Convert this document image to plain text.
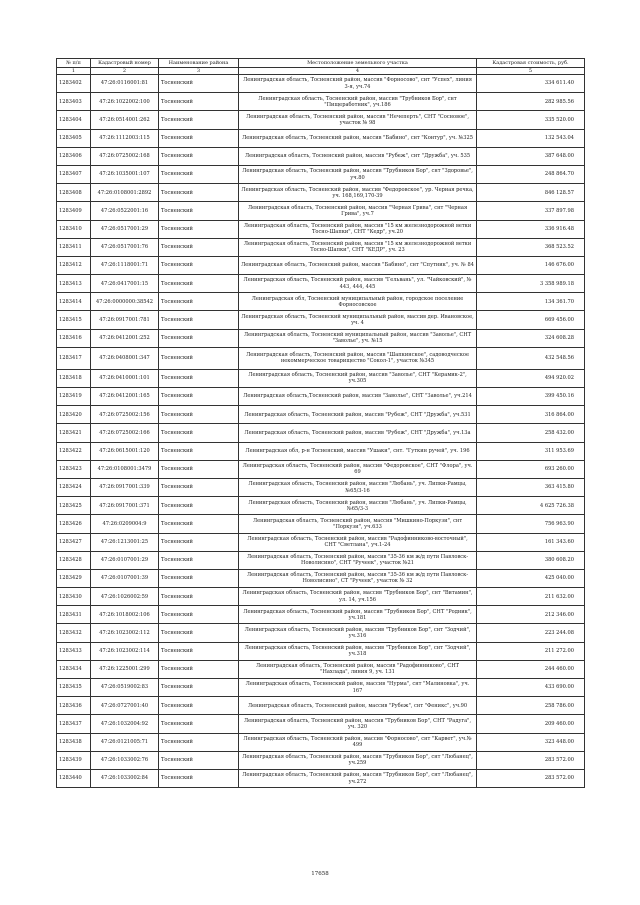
№ п/п	Кадастровый номер	Наименование района	Местоположение земельного участка	Кадастровая стоимость, руб.
1	2	3	4	5
1283402	47:26:0116001:81	Тосненский	Ленинградская область, Тосненский район, массив "Форносово", снт "Успех", линия 3-я, уч.74	334 611.40
1283403	47:26:1022002:100	Тосненский	Ленинградская область, Тосненский район, массив "Трубников Бор", снт "Пищеработник", уч.186	282 985.56
1283404	47:26:0514001:262	Тосненский	Ленинградская область, Тосненский район, массив "Нечеперть", СНТ "Сосновое", участок № 98	335 520.00
1283405	47:26:1112003:115	Тосненский	Ленинградская область, Тосненский район, массив "Бабино", снт "Контур", уч. №325	132 543.04
1283406	47:26:0725002:168	Тосненский	Ленинградская область, Тосненский район, массив "Рубеж", снт "Дружба", уч. 535	387 648.00
1283407	47:26:1035001:107	Тосненский	Ленинградская область, Тосненский район, массив "Трубников Бор", снт "Здоровье", уч.80	248 864.70
1283408	47:26:0108001:2892	Тосненский	Ленинградская область, Тосненский район, массив "Федоровское", ур. Черная речка, уч. 168,169,170-39	846 128.57
1283409	47:26:0522001:16	Тосненский	Ленинградская область, Тосненский район, массив "Черная Грива", снт "Черная Грива", уч.7	337 897.98
1283410	47:26:0517001:29	Тосненский	Ленинградская область, Тосненский район, массив "15 км железнодорожной ветки Тосно-Шапки", СНТ "Кедр", уч.20	336 916.48
1283411	47:26:0517001:76	Тосненский	Ленинградская область, Тосненский район, массив "15 км железнодорожной ветки Тосно-Шапки", СНТ "КЕДР", уч. 23	368 523.52
1283412	47:26:1118001:71	Тосненский	Ленинградская область, Тосненский район, массив "Бабино", снт "Спутник", уч. № 84	146 676.00
1283413	47:26:0417001:15	Тосненский	Ленинградская область, Тосненский район, массив "Гельвань", ул. "Чайковский", № 443, 444, 445	3 358 989.18
1283414	47:26:0000000:38542	Тосненский	Ленинградская обл, Тосненский муниципальный район, городское поселение Форносовское	134 361.70
1283415	47:26:0917001:781	Тосненский	Ленинградская область, Тосненский муниципальный район, массив дер. Ивановское, уч. 4	669 456.00
1283416	47:26:0412001:252	Тосненский	Ленинградская область, Тосненский муниципальный район, массив "Заволье", СНТ "Заволье", уч. №15	324 608.28
1283417	47:26:0408001:347	Тосненский	Ленинградская область, Тосненский район, массив "Шапкинское", садоводческое некоммерческое товарищество "Сокол-1", участок №345	432 548.56
1283418	47:26:0410001:101	Тосненский	Ленинградская область, Тосненский район, массив "Заволье", СНТ "Керамик-2", уч.305	494 920.02
1283419	47:26:0412001:165	Тосненский	Ленинградская область,Тосненский район, массив "Заволье", СНТ "Заволье", уч.214	399 450.16
1283420	47:26:0725002:156	Тосненский	Ленинградская область, Тосненский район, массив "Рубеж", СНТ "Дружба", уч.531	316 864.00
1283421	47:26:0725002:166	Тосненский	Ленинградская область, Тосненский район, массив "Рубеж", СНТ "Дружба", уч.13а	258 432.00
1283422	47:26:0615001:120	Тосненский	Ленинградская обл, р-н Тосненский, массив "Ушаки", снт. "Гуткин ручей", уч. 196	311 953.69
1283423	47:26:0108001:3479	Тосненский	Ленинградская область, Тосненский район, массив "Федоровское", СНТ "Флора", уч. 69	693 260.00
1283424	47:26:0917001:339	Тосненский	Ленинградская область, Тосненский район, массив "Любань", уч. Липки-Рамцы, №65/3-16	363 415.80
1283425	47:26:0917001:371	Тосненский	Ленинградская область, Тосненский район, массив "Любань", уч. Липки-Рамцы, №65/3-3	4 625 726.38
1283426	47:26:0209004:9	Тосненский	Ленинградская область, Тосненский район, массив "Мишкино-Поркузи", снт "Поркузи", уч.633	756 963.90
1283427	47:26:1213001:25	Тосненский	Ленинградская область, Тосненский район, массив "Радофинниково-восточный", СНТ "Светлана", уч.1-24	161 343.60
1283428	47:26:0107001:29	Тосненский	Ленинградская область, Тосненский район, массив "35-36 км ж/д пути Павловск-Новолисино", СНТ "Ручеек", участок №21	380 608.20
1283429	47:26:0107001:39	Тосненский	Ленинградская область, Тосненский район, массив "35-36 км ж/д пути Павловск-Новолисино", СТ "Ручеек", участок № 32	425 040.00
1283430	47:26:1026002:59	Тосненский	Ленинградская область, Тосненский район, массив "Трубников Бор", снт "Витамин", ул. 14, уч.156	211 632.00
1283431	47:26:1018002:106	Тосненский	Ленинградская область, Тосненский район, массив "Трубников Бор", СНТ "Родник", уч.181	212 346.00
1283432	47:26:1023002:112	Тосненский	Ленинградская область, Тосненский район, массив "Трубников Бор", снт "Зодчий", уч.316	223 244.08
1283433	47:26:1023002:114	Тосненский	Ленинградская область, Тосненский район, массив "Трубников Бор", снт "Зодчий", уч.318	211 272.00
1283434	47:26:1225001:299	Тосненский	Ленинградская область, Тосненский район, массив "Радофинниково", СНТ "Нахлада", линия 9, уч. 131	244 460.00
1283435	47:26:0519002:83	Тосненский	Ленинградская область, Тосненский район, массив "Нурма", снт "Малиновка", уч. 167	433 690.00
1283436	47:26:0727001:40	Тосненский	Ленинградская область, Тосненский район, массив "Рубеж", снт "Феникс", уч.90	258 786.00
1283437	47:26:1032004:92	Тосненский	Ленинградская область, Тосненский район, массив "Трубников Бор", СНТ "Радуга", уч. 320	209 460.00
1283438	47:26:0121005:71	Тосненский	Ленинградская область, Тосненский район, массив "Форносово", снт "Карвет", уч.№ 499	323 448.00
1283439	47:26:1033002:76	Тосненский	Ленинградская область, Тосненский район, массив "Трубников Бор", снт "Любанец", уч.259	283 572.00
1283440	47:26:1033002:84	Тосненский	Ленинградская область, Тосненский район, массив "Трубников Бор", снт "Любанец", уч.272	283 572.00
17658
